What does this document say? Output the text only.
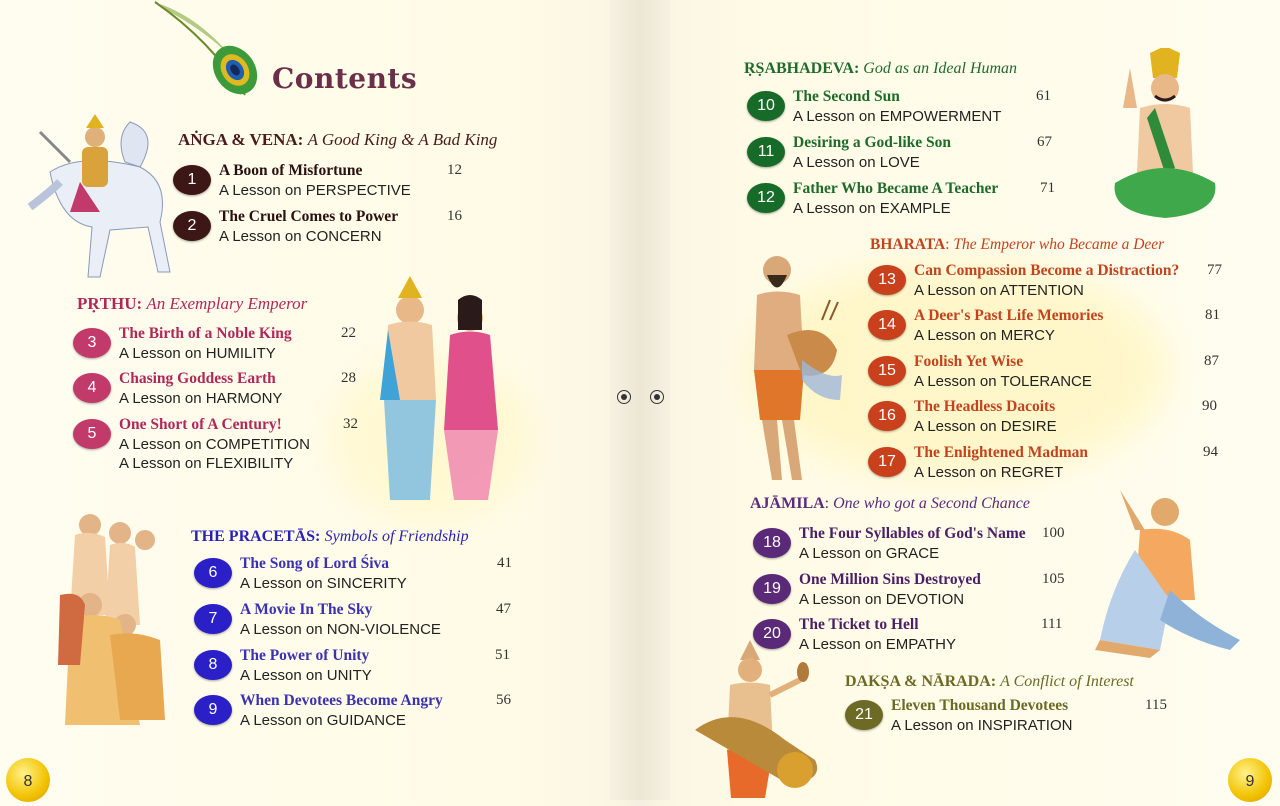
Contents
AṄGA & VENA: A Good King & A Bad King
1
A Boon of Misfortune
A Lesson on PERSPECTIVE
12
2
The Cruel Comes to Power
A Lesson on CONCERN
16
PṚTHU: An Exemplary Emperor
3
The Birth of a Noble King
A Lesson on HUMILITY
22
4
Chasing Goddess Earth
A Lesson on HARMONY
28
5
One Short of A Century!
A Lesson on COMPETITION
A Lesson on FLEXIBILITY
32
THE PRACETĀS: Symbols of Friendship
6
The Song of Lord Śiva
A Lesson on SINCERITY
41
7
A Movie In The Sky
A Lesson on NON-VIOLENCE
47
8
The Power of Unity
A Lesson on UNITY
51
9
When Devotees Become Angry
A Lesson on GUIDANCE
56
8
ṚṢABHADEVA: God as an Ideal Human
10
The Second Sun
A Lesson on EMPOWERMENT
61
11
Desiring a God-like Son
A Lesson on LOVE
67
12
Father Who Became A Teacher
A Lesson on EXAMPLE
71
BHARATA: The Emperor who Became a Deer
13
Can Compassion Become a Distraction?
A Lesson on ATTENTION
77
14
A Deer's Past Life Memories
A Lesson on MERCY
81
15
Foolish Yet Wise
A Lesson on TOLERANCE
87
16
The Headless Dacoits
A Lesson on DESIRE
90
17
The Enlightened Madman
A Lesson on REGRET
94
AJĀMILA: One who got a Second Chance
18
The Four Syllables of God's Name
A Lesson on GRACE
100
19
One Million Sins Destroyed
A Lesson on DEVOTION
105
20
The Ticket to Hell
A Lesson on EMPATHY
111
DAKṢA & NĀRADA: A Conflict of Interest
21
Eleven Thousand Devotees
A Lesson on INSPIRATION
115
9
